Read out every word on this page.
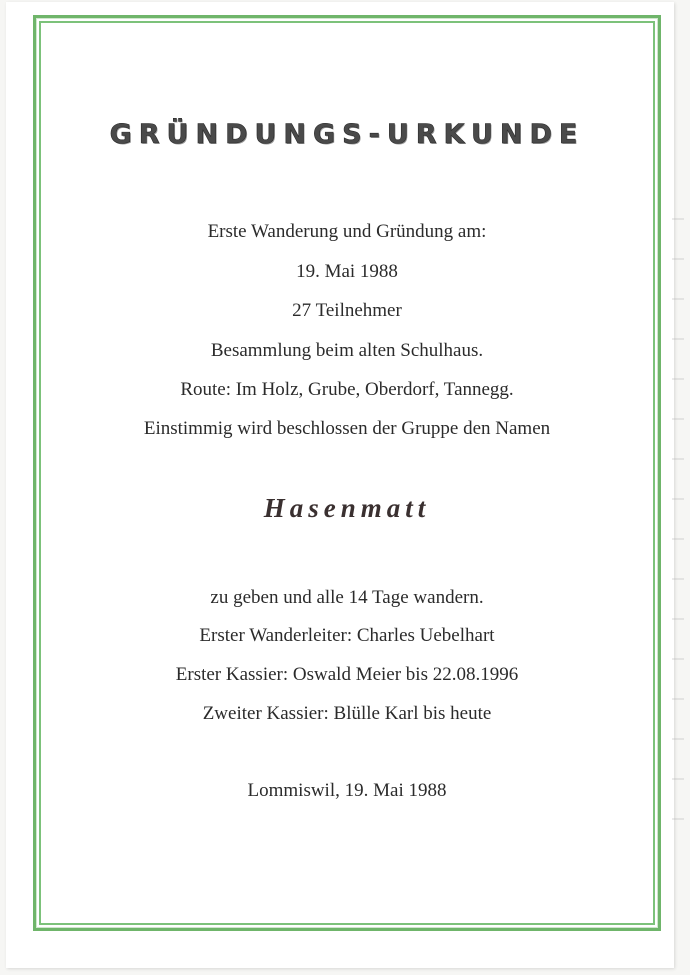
GRÜNDUNGS-URKUNDE
Erste Wanderung und Gründung am:
19. Mai 1988
27 Teilnehmer
Besammlung beim alten Schulhaus.
Route: Im Holz, Grube, Oberdorf, Tannegg.
Einstimmig wird beschlossen der Gruppe den Namen
Hasenmatt
zu geben und alle 14 Tage wandern.
Erster Wanderleiter: Charles Uebelhart
Erster Kassier: Oswald Meier bis 22.08.1996
Zweiter Kassier: Blülle Karl bis heute
Lommiswil, 19. Mai 1988
